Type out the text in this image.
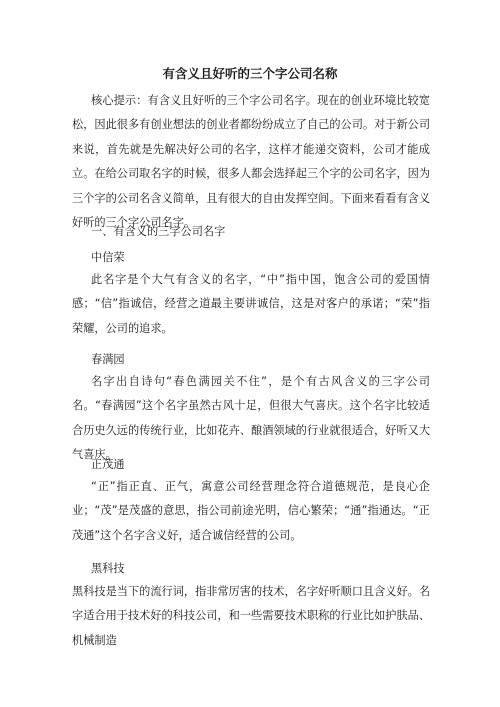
有含义且好听的三个字公司名称
核心提示：有含义且好听的三个字公司名字。现在的创业环境比较宽松，因此很多有创业想法的创业者都纷纷成立了自己的公司。对于新公司来说，首先就是先解决好公司的名字，这样才能递交资料，公司才能成立。在给公司取名字的时候，很多人都会选择起三个字的公司名字，因为三个字的公司名含义简单，且有很大的自由发挥空间。下面来看看有含义好听的三个字公司名字。
一、有含义的三字公司名字
中信荣
此名字是个大气有含义的名字，“中”指中国，饱含公司的爱国情感；“信”指诚信，经营之道最主要讲诚信，这是对客户的承诺；“荣”指荣耀，公司的追求。
春满园
名字出自诗句“春色满园关不住”，是个有古风含义的三字公司名。“春满园”这个名字虽然古风十足，但很大气喜庆。这个名字比较适合历史久远的传统行业，比如花卉、酿酒领域的行业就很适合，好听又大气喜庆。
正茂通
“正”指正直、正气，寓意公司经营理念符合道德规范，是良心企业；“茂”是茂盛的意思，指公司前途光明，信心繁荣；“通”指通达。“正茂通”这个名字含义好，适合诚信经营的公司。
黑科技
黑科技是当下的流行词，指非常厉害的技术，名字好听顺口且含义好。名字适合用于技术好的科技公司，和一些需要技术职称的行业比如护肤品、机械制造
